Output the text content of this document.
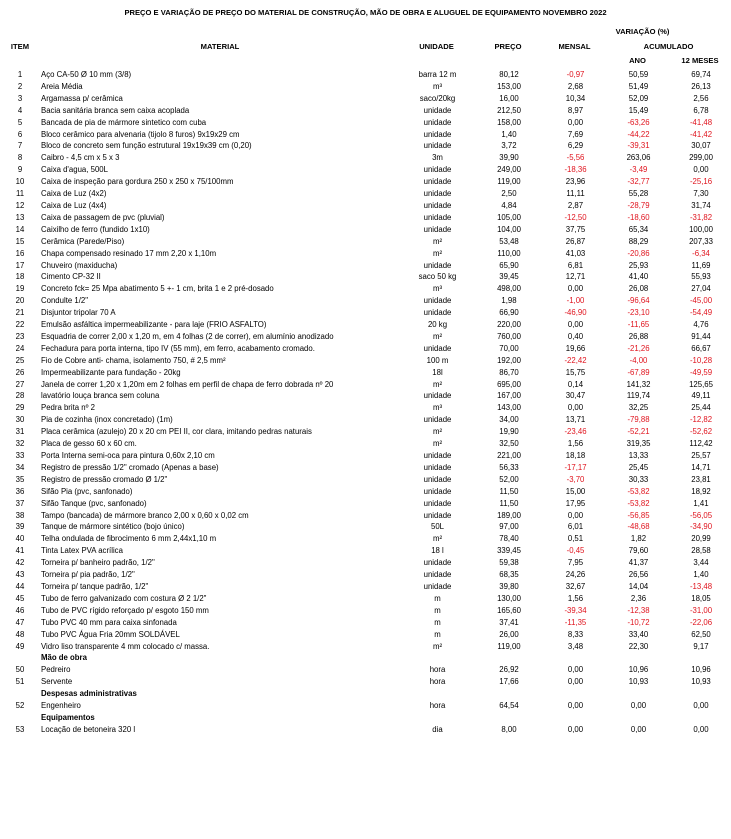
PREÇO E VARIAÇÃO DE PREÇO DO MATERIAL DE CONSTRUÇÃO, MÃO DE OBRA E ALUGUEL DE EQUIPAMENTO NOVEMBRO 2022
VARIAÇÃO (%)
ITEM	MATERIAL	UNIDADE	PREÇO	MENSAL	ACUMULADO
ANO	12 MESES
1	Aço CA-50 Ø 10 mm (3/8)	barra 12 m	80,12	-0,97	50,59	69,74
2	Areia Média	m³	153,00	2,68	51,49	26,13
3	Argamassa p/ cerâmica	saco/20kg	16,00	10,34	52,09	2,56
4	Bacia sanitária branca sem caixa acoplada	unidade	212,50	8,97	15,49	6,78
5	Bancada de pia de mármore sintetico com cuba	unidade	158,00	0,00	-63,26	-41,48
6	Bloco cerâmico para alvenaria (tijolo 8 furos) 9x19x29 cm	unidade	1,40	7,69	-44,22	-41,42
7	Bloco de concreto sem função estrutural 19x19x39 cm (0,20)	unidade	3,72	6,29	-39,31	30,07
8	Caibro - 4,5 cm x 5 x 3	3m	39,90	-5,56	263,06	299,00
9	Caixa d'agua, 500L	unidade	249,00	-18,36	-3,49	0,00
10	Caixa de inspeção para gordura 250 x 250 x 75/100mm	unidade	119,00	23,96	-32,77	-25,16
11	Caixa de Luz (4x2)	unidade	2,50	11,11	55,28	7,30
12	Caixa de Luz (4x4)	unidade	4,84	2,87	-28,79	31,74
13	Caixa de passagem de pvc (pluvial)	unidade	105,00	-12,50	-18,60	-31,82
14	Caixilho de ferro (fundido 1x10)	unidade	104,00	37,75	65,34	100,00
15	Cerâmica (Parede/Piso)	m²	53,48	26,87	88,29	207,33
16	Chapa compensado resinado 17 mm 2,20 x 1,10m	m²	110,00	41,03	-20,86	-6,34
17	Chuveiro (maxiducha)	unidade	65,90	6,81	25,93	11,69
18	Cimento CP-32 II	saco 50 kg	39,45	12,71	41,40	55,93
19	Concreto fck= 25 Mpa abatimento 5 +- 1 cm, brita 1 e 2 pré-dosado	m³	498,00	0,00	26,08	27,04
20	Condulte 1/2"	unidade	1,98	-1,00	-96,64	-45,00
21	Disjuntor tripolar 70 A	unidade	66,90	-46,90	-23,10	-54,49
22	Emulsão asfáltica impermeabilizante - para laje (FRIO ASFALTO)	20 kg	220,00	0,00	-11,65	4,76
23	Esquadria de correr 2,00 x 1,20 m, em 4 folhas (2 de correr), em alumínio anodizado	m²	760,00	0,40	26,88	91,44
24	Fechadura para porta interna, tipo IV (55 mm), em ferro, acabamento cromado.	unidade	70,00	19,66	-21,26	66,67
25	Fio de Cobre anti- chama, isolamento 750, # 2,5 mm²	100 m	192,00	-22,42	-4,00	-10,28
26	Impermeabilizante para fundação - 20kg	18l	86,70	15,75	-67,89	-49,59
27	Janela de correr 1,20 x 1,20m em 2 folhas em perfil de chapa de ferro dobrada nº 20	m²	695,00	0,14	141,32	125,65
28	lavatório louça branca sem coluna	unidade	167,00	30,47	119,74	49,11
29	Pedra brita nº 2	m³	143,00	0,00	32,25	25,44
30	Pia de cozinha (inox concretado) (1m)	unidade	34,00	13,71	-79,88	-12,82
31	Placa cerâmica (azulejo) 20 x 20 cm PEI II, cor clara, imitando pedras naturais	m²	19,90	-23,46	-52,21	-52,62
32	Placa de gesso 60 x 60 cm.	m²	32,50	1,56	319,35	112,42
33	Porta Interna semi-oca para pintura 0,60x 2,10 cm	unidade	221,00	18,18	13,33	25,57
34	Registro de pressão 1/2'' cromado (Apenas a base)	unidade	56,33	-17,17	25,45	14,71
35	Registro de pressão cromado Ø 1/2"	unidade	52,00	-3,70	30,33	23,81
36	Sifão Pia (pvc, sanfonado)	unidade	11,50	15,00	-53,82	18,92
37	Sifão Tanque (pvc, sanfonado)	unidade	11,50	17,95	-53,82	1,41
38	Tampo (bancada) de mármore branco 2,00 x 0,60 x 0,02 cm	unidade	189,00	0,00	-56,85	-56,05
39	Tanque de mármore sintético (bojo único)	50L	97,00	6,01	-48,68	-34,90
40	Telha ondulada de fibrocimento 6 mm 2,44x1,10 m	m²	78,40	0,51	1,82	20,99
41	Tinta Latex PVA acrílica	18 l	339,45	-0,45	79,60	28,58
42	Torneira p/ banheiro padrão, 1/2"	unidade	59,38	7,95	41,37	3,44
43	Torneira p/ pia padrão, 1/2"	unidade	68,35	24,26	26,56	1,40
44	Torneira p/ tanque padrão, 1/2"	unidade	39,80	32,67	14,04	-13,48
45	Tubo de ferro galvanizado com costura Ø 2 1/2"	m	130,00	1,56	2,36	18,05
46	Tubo de PVC rígido reforçado p/ esgoto 150 mm	m	165,60	-39,34	-12,38	-31,00
47	Tubo PVC 40 mm para caixa sinfonada	m	37,41	-11,35	-10,72	-22,06
48	Tubo PVC Água Fria 20mm SOLDÁVEL	m	26,00	8,33	33,40	62,50
49	Vidro liso transparente 4 mm colocado c/ massa.	m²	119,00	3,48	22,30	9,17
	Mão de obra					
50	Pedreiro	hora	26,92	0,00	10,96	10,96
51	Servente	hora	17,66	0,00	10,93	10,93
	Despesas administrativas					
52	Engenheiro	hora	64,54	0,00	0,00	0,00
	Equipamentos					
53	Locação de betoneira 320 l	dia	8,00	0,00	0,00	0,00
